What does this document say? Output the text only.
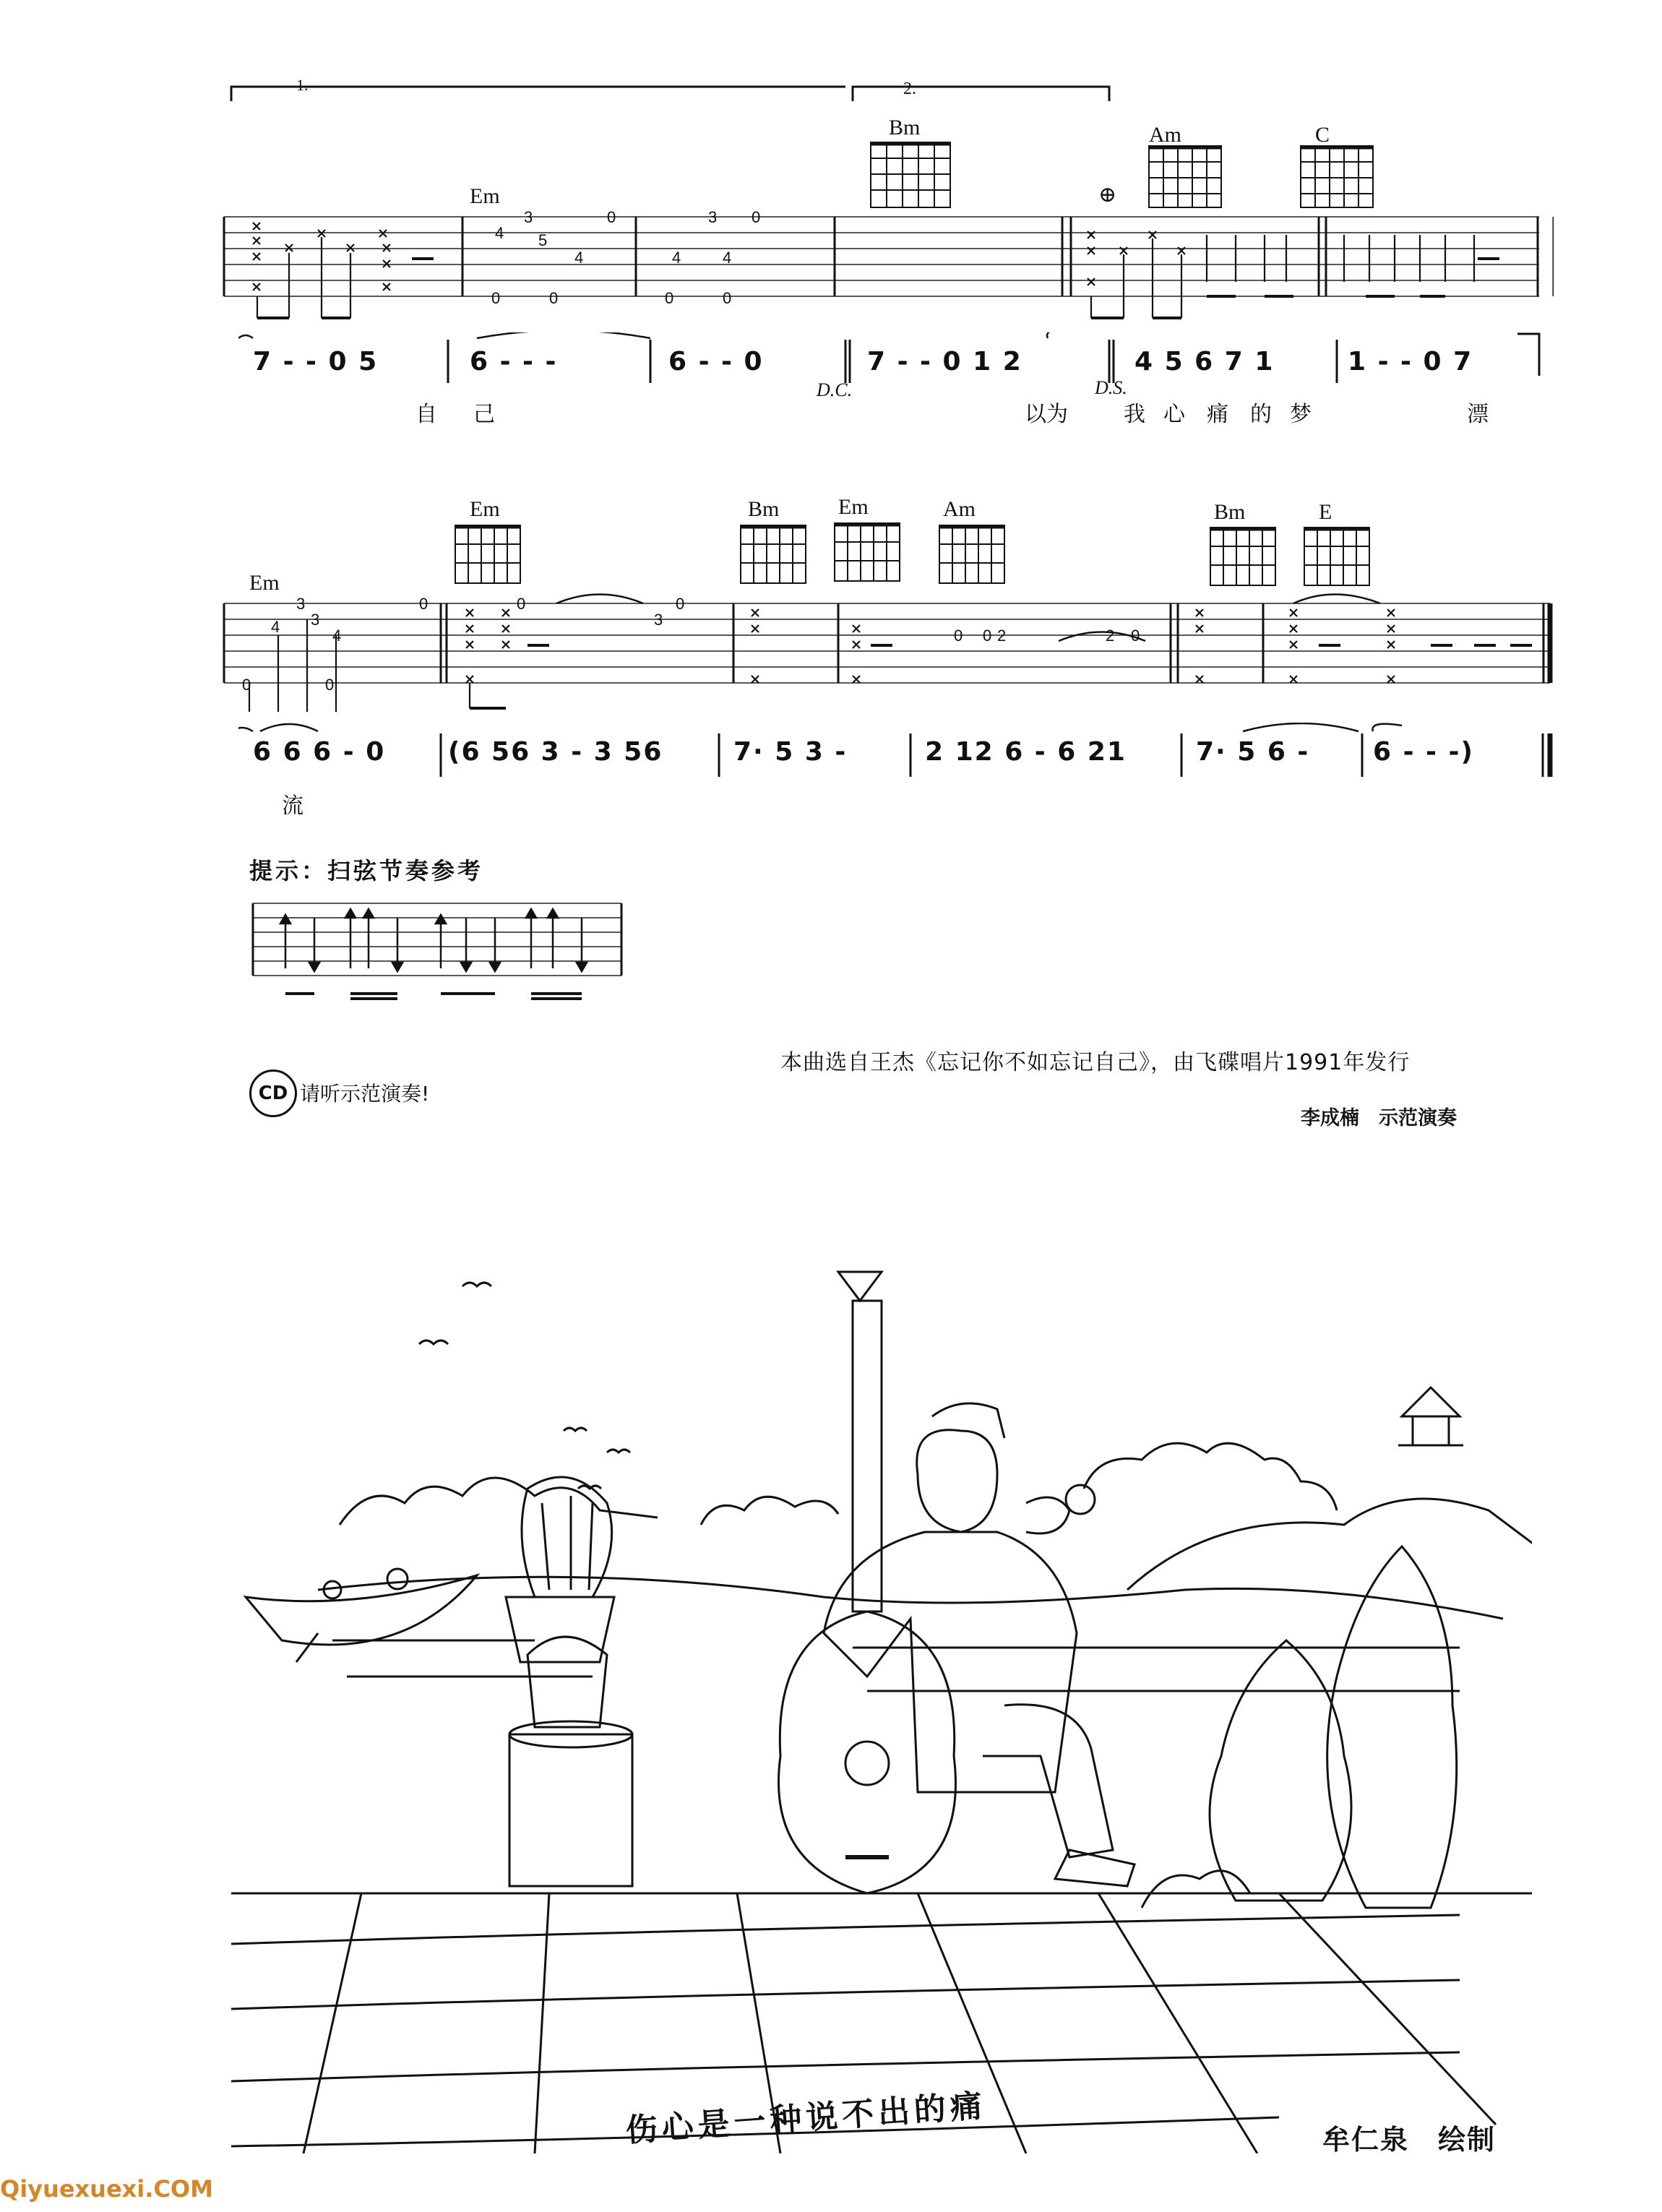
1.	2.
Em
Bm	Am	C
4
3
5
4
0
0	0
4
3
4
0
0	0
⊕
7 - - 0 5	6 - - -	6 - - 0	7 - - 0 1 2	4 5 6 7 1	1 - - 0 7
自 己	以为	我 心 痛 的 梦	漂
D.C.	D.S.
Em
Em	Bm	Em	Am	Bm	E
4
3
3
4
0
0	0
0
3
0
0 0 2	2 0
6 6 6 - 0 (6 56 3 - 3 56	7· 5 3 -	2 12 6 - 6 21	7· 5 6 - 6 - - -)
流
提示：扫弦节奏参考
CD 请听示范演奏!
本曲选自王杰《忘记你不如忘记自己》，由飞碟唱片1991年发行
李成楠　示范演奏
伤心是一种说不出的痛	牟仁泉　绘制
Qiyuexuexi.COM
